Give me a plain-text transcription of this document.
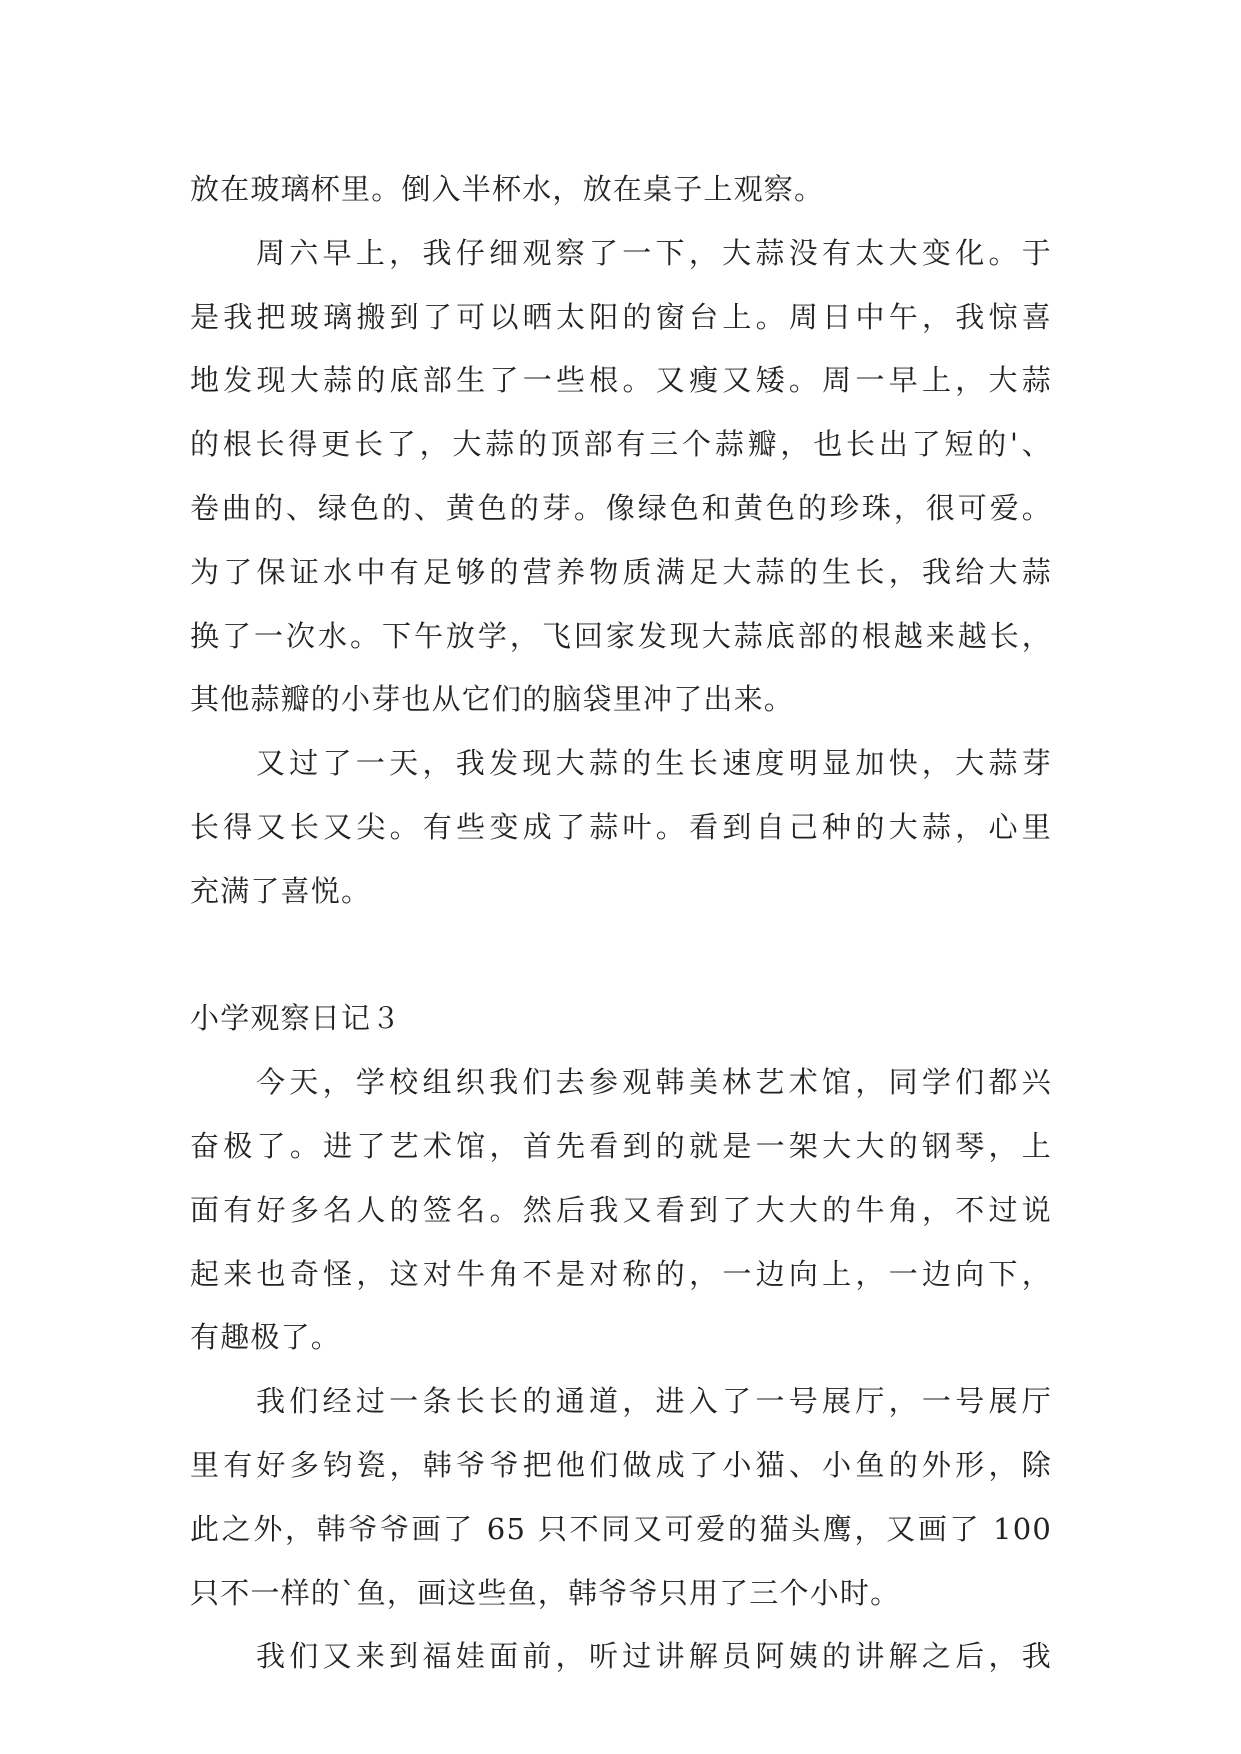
放在玻璃杯里。倒入半杯水，放在桌子上观察。
周六早上，我仔细观察了一下，大蒜没有太大变化。于
是我把玻璃搬到了可以晒太阳的窗台上。周日中午，我惊喜
地发现大蒜的底部生了一些根。又瘦又矮。周一早上，大蒜
的根长得更长了，大蒜的顶部有三个蒜瓣，也长出了短的'、
卷曲的、绿色的、黄色的芽。像绿色和黄色的珍珠，很可爱。
为了保证水中有足够的营养物质满足大蒜的生长，我给大蒜
换了一次水。下午放学，飞回家发现大蒜底部的根越来越长，
其他蒜瓣的小芽也从它们的脑袋里冲了出来。
又过了一天，我发现大蒜的生长速度明显加快，大蒜芽
长得又长又尖。有些变成了蒜叶。看到自己种的大蒜，心里
充满了喜悦。
小学观察日记３
今天，学校组织我们去参观韩美林艺术馆，同学们都兴
奋极了。进了艺术馆，首先看到的就是一架大大的钢琴，上
面有好多名人的签名。然后我又看到了大大的牛角，不过说
起来也奇怪，这对牛角不是对称的，一边向上，一边向下，
有趣极了。
我们经过一条长长的通道，进入了一号展厅，一号展厅
里有好多钧瓷，韩爷爷把他们做成了小猫、小鱼的外形，除
此之外，韩爷爷画了 65 只不同又可爱的猫头鹰，又画了 100
只不一样的`鱼，画这些鱼，韩爷爷只用了三个小时。
我们又来到福娃面前，听过讲解员阿姨的讲解之后，我
